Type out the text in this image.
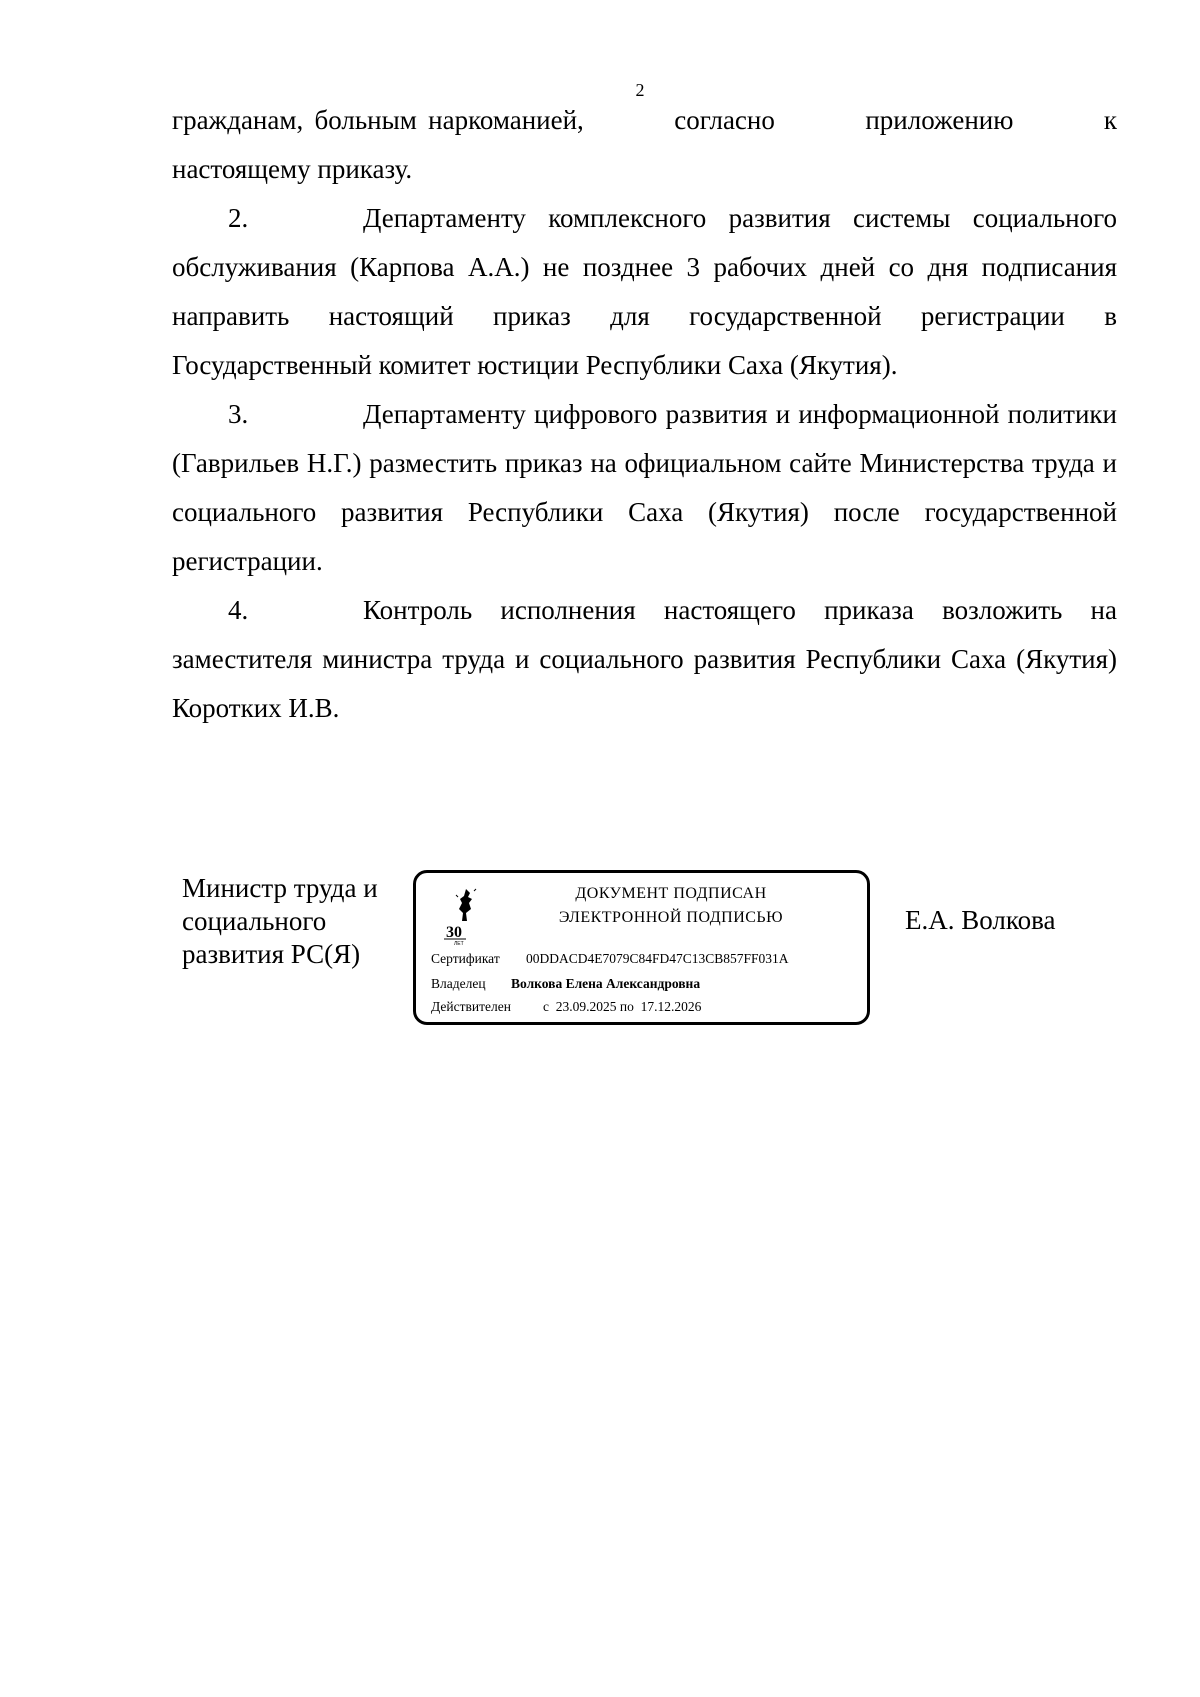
2

гражданам, больным наркоманией,        согласно        приложению        к

настоящему приказу.

2.	Департаменту комплексного развития системы социального обслуживания (Карпова А.А.) не позднее 3 рабочих дней со дня подписания направить настоящий приказ для государственной регистрации в Государственный комитет юстиции Республики Саха (Якутия).

3.	Департаменту цифрового развития и информационной политики (Гаврильев Н.Г.) разместить приказ на официальном сайте Министерства труда и социального развития Республики Саха (Якутия) после государственной регистрации.

4.	Контроль исполнения настоящего приказа возложить на заместителя министра труда и социального развития Республики Саха (Якутия) Коротких И.В.

Министр труда и
социального
развития РС(Я)
30
ЛЕТ
ДОКУМЕНТ ПОДПИСАН
ЭЛЕКТРОННОЙ ПОДПИСЬЮ
Сертификат 00DDACD4E7079C84FD47C13CB857FF031A
Владелец Волкова Елена Александровна
Действителен с  23.09.2025 по  17.12.2026
Е.А. Волкова
